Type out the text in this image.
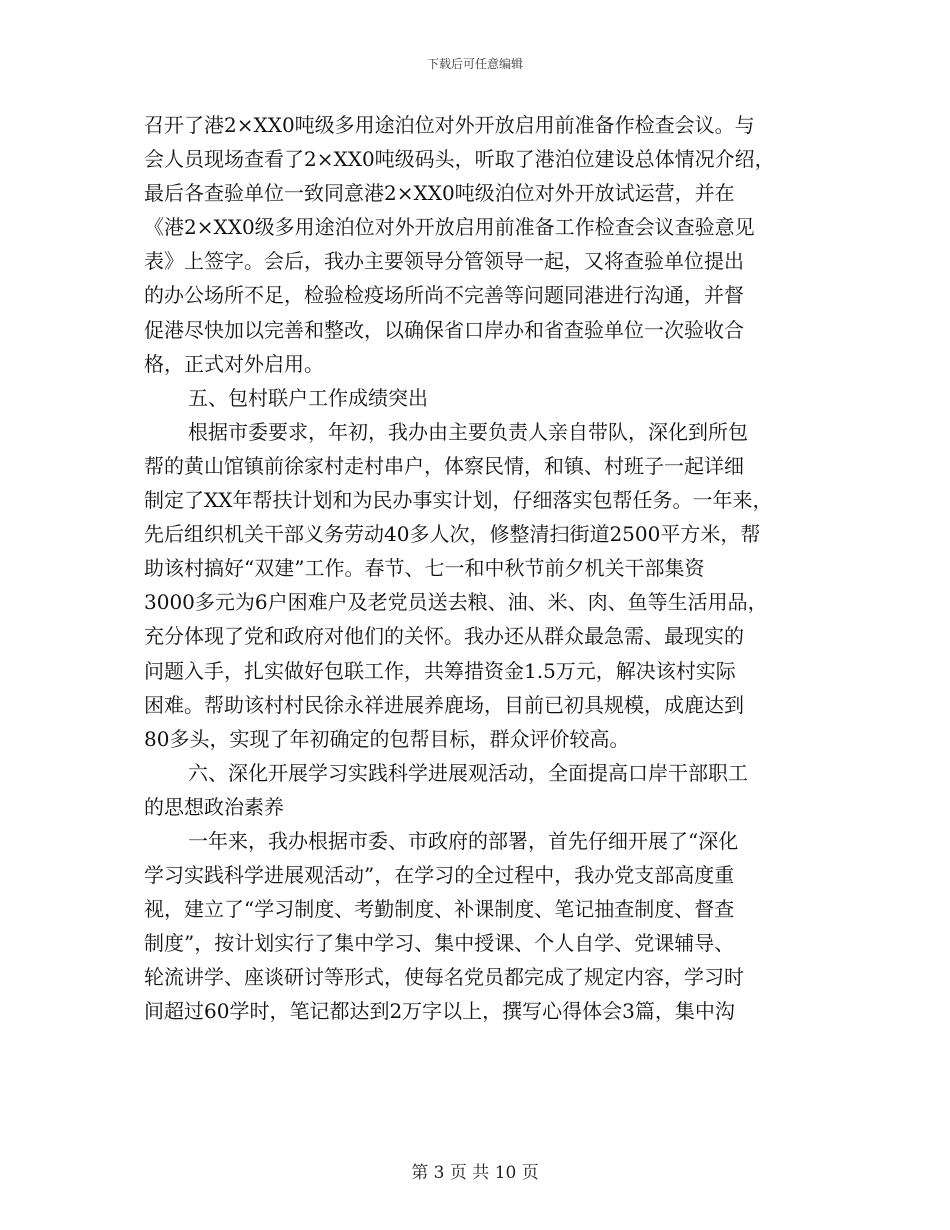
下载后可任意编辑

召开了港2×XX0吨级多用途泊位对外开放启用前准备作检查会议。与
会人员现场查看了2×XX0吨级码头，听取了港泊位建设总体情况介绍，
最后各查验单位一致同意港2×XX0吨级泊位对外开放试运营，并在
《港2×XX0级多用途泊位对外开放启用前准备工作检查会议查验意见
表》上签字。会后，我办主要领导分管领导一起，又将查验单位提出
的办公场所不足，检验检疫场所尚不完善等问题同港进行沟通，并督
促港尽快加以完善和整改，以确保省口岸办和省查验单位一次验收合
格，正式对外启用。

五、包村联户工作成绩突出

根据市委要求，年初，我办由主要负责人亲自带队，深化到所包
帮的黄山馆镇前徐家村走村串户，体察民情，和镇、村班子一起详细
制定了XX年帮扶计划和为民办事实计划，仔细落实包帮任务。一年来，
先后组织机关干部义务劳动40多人次，修整清扫街道2500平方米，帮
助该村搞好“双建”工作。春节、七一和中秋节前夕机关干部集资
3000多元为6户困难户及老党员送去粮、油、米、肉、鱼等生活用品，
充分体现了党和政府对他们的关怀。我办还从群众最急需、最现实的
问题入手，扎实做好包联工作，共筹措资金1.5万元，解决该村实际
困难。帮助该村村民徐永祥进展养鹿场，目前已初具规模，成鹿达到
80多头，实现了年初确定的包帮目标，群众评价较高。

六、深化开展学习实践科学进展观活动，全面提高口岸干部职工
的思想政治素养

一年来，我办根据市委、市政府的部署，首先仔细开展了“深化
学习实践科学进展观活动”，在学习的全过程中，我办党支部高度重
视，建立了“学习制度、考勤制度、补课制度、笔记抽查制度、督查
制度”，按计划实行了集中学习、集中授课、个人自学、党课辅导、
轮流讲学、座谈研讨等形式，使每名党员都完成了规定内容，学习时
间超过60学时，笔记都达到2万字以上，撰写心得体会3篇，集中沟

第 3 页 共 10 页
